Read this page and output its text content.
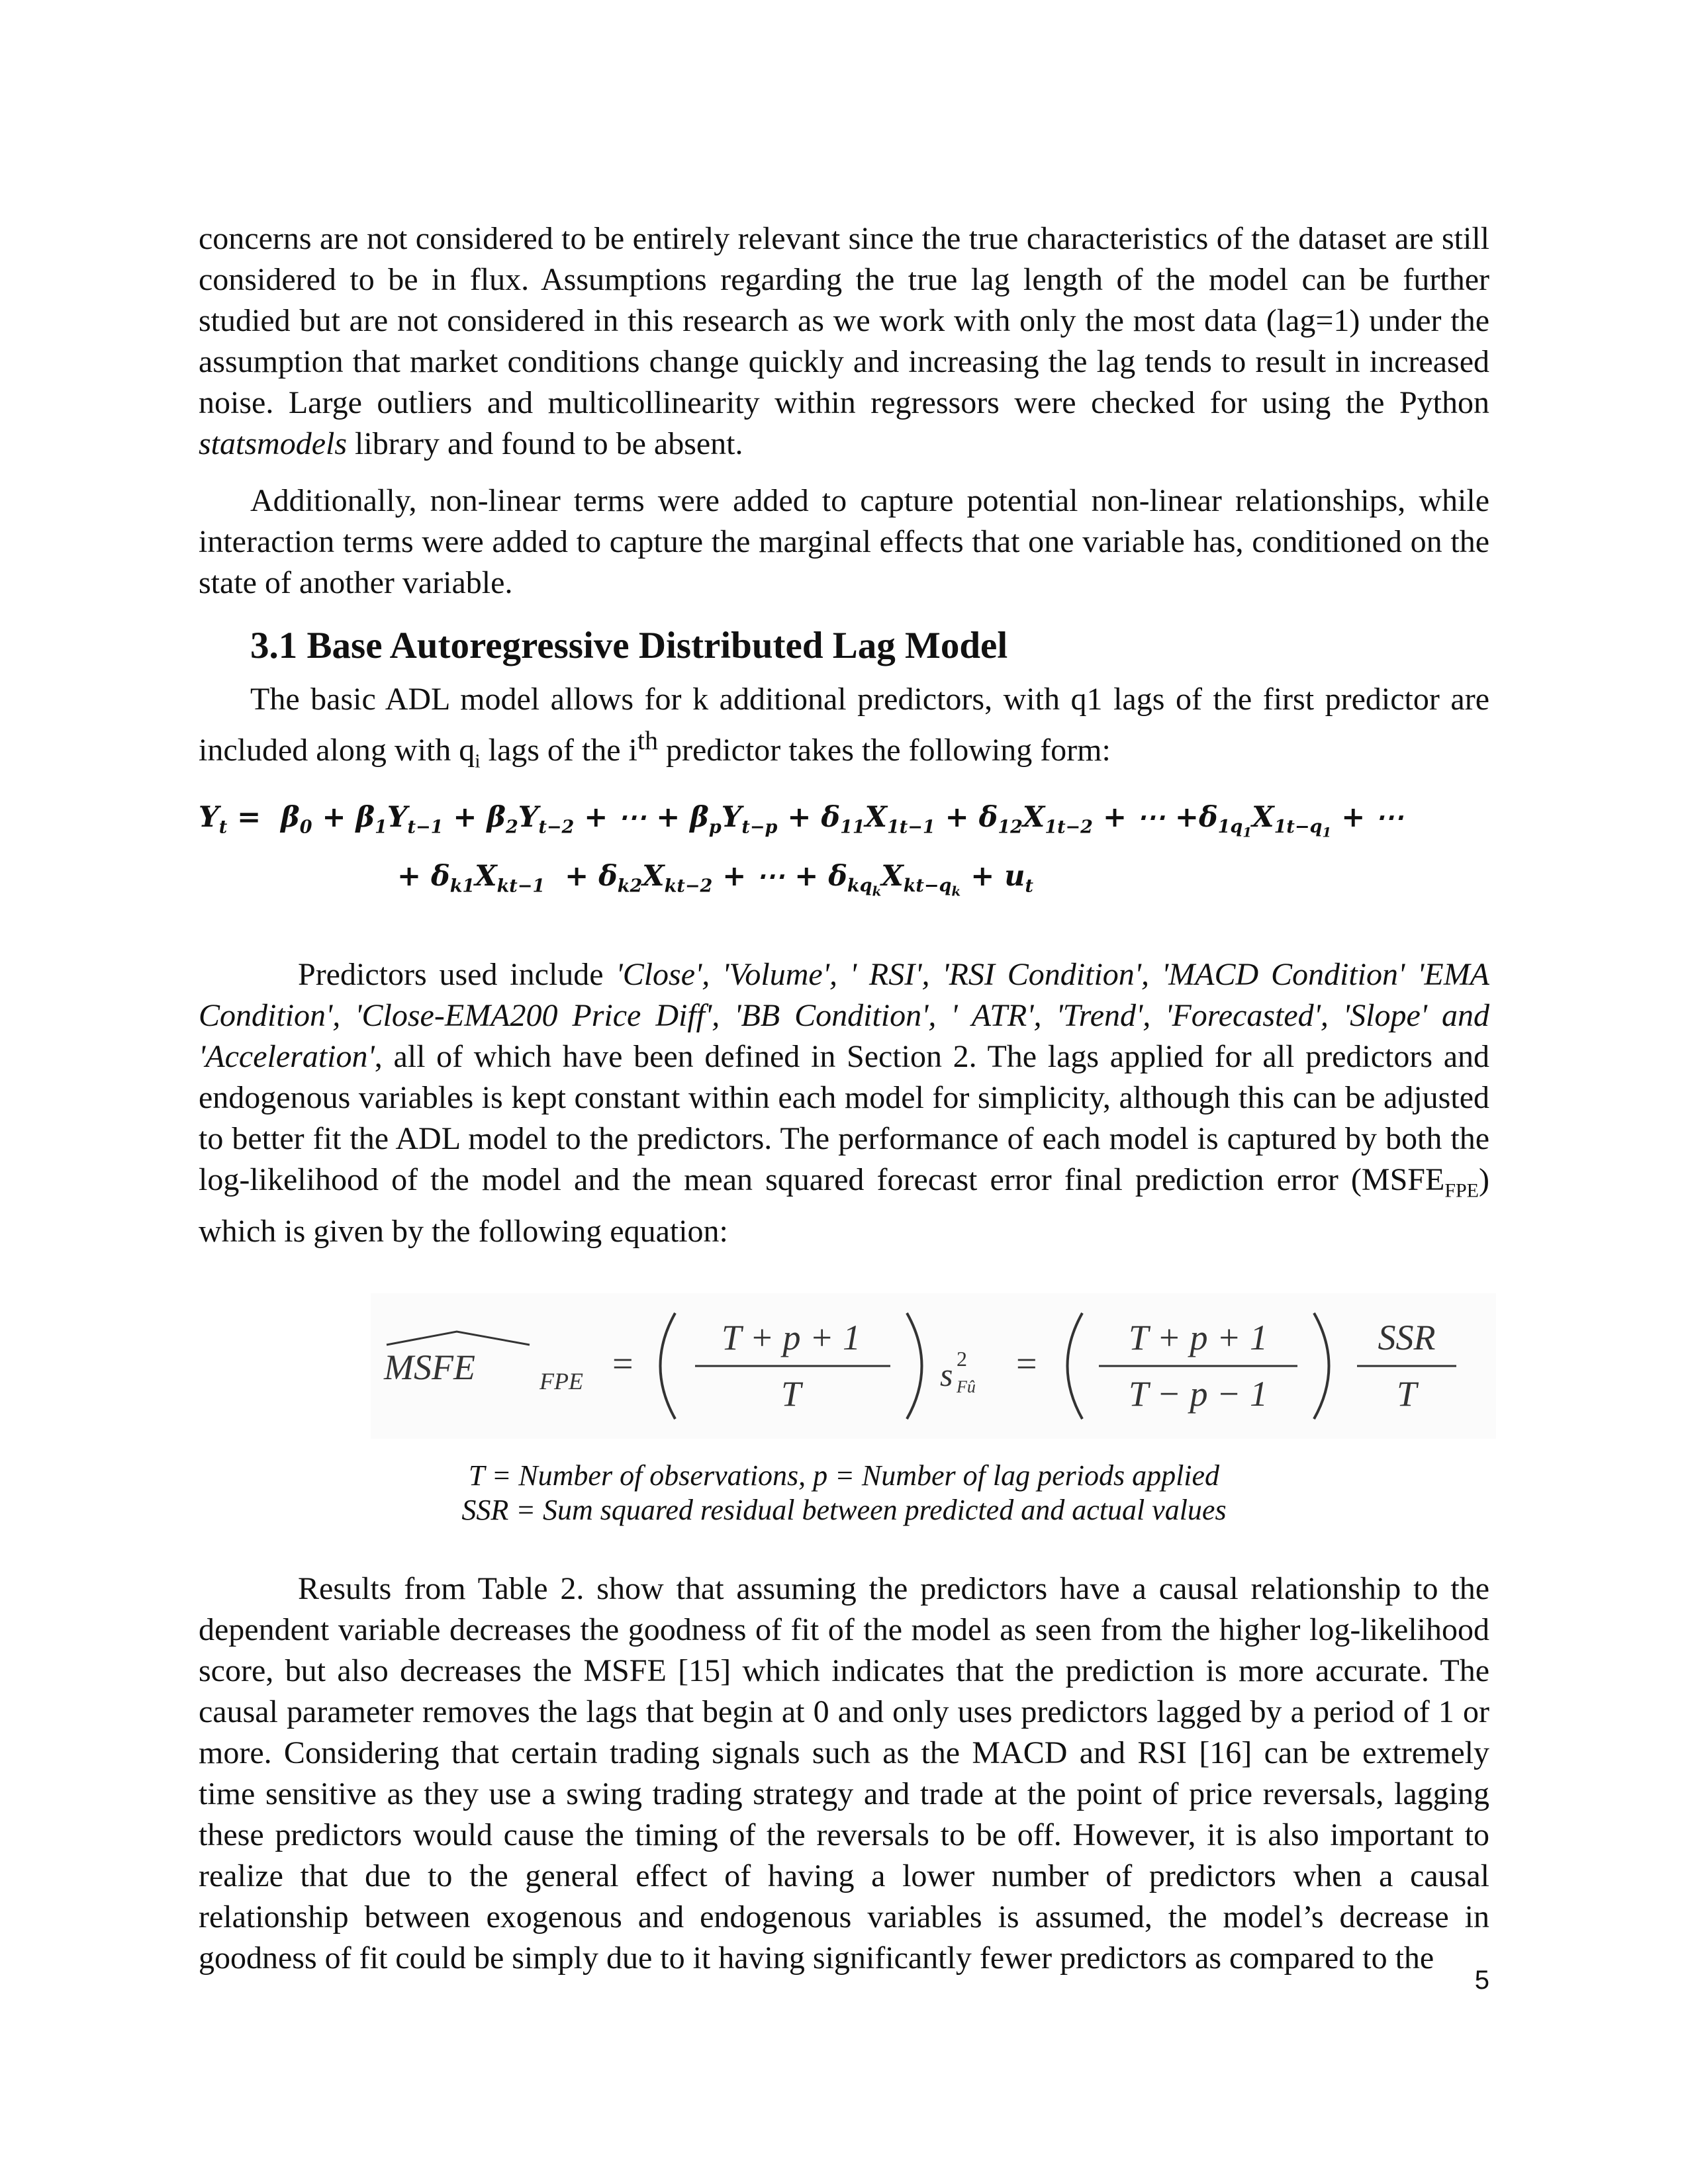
concerns are not considered to be entirely relevant since the true characteristics of the dataset are still considered to be in flux. Assumptions regarding the true lag length of the model can be further studied but are not considered in this research as we work with only the most data (lag=1) under the assumption that market conditions change quickly and increasing the lag tends to result in increased noise. Large outliers and multicollinearity within regressors were checked for using the Python statsmodels library and found to be absent.

Additionally, non-linear terms were added to capture potential non-linear relationships, while interaction terms were added to capture the marginal effects that one variable has, conditioned on the state of another variable.

3.1 Base Autoregressive Distributed Lag Model

The basic ADL model allows for k additional predictors, with q1 lags of the first predictor are included along with $q_i$ lags of the $i^{th}$ predictor takes the following form:

$Y_t = \beta_0 + \beta_1Y_{t-1} + \beta_2Y_{t-2}$ + ⋯ + $\beta_pY_{t-p} + \delta_{11}X_{1t-1} + \delta_{12}X_{1t-2}$ + ⋯ $+\delta_{1q_1}X_{1t-q_1}$ + ⋯
+ $\delta_{k1}X_{kt-1} + \delta_{k2}X_{kt-2}$ + ⋯ + $\delta_{kq_k}X_{kt-q_k} + u_t$

Predictors used include 'Close', 'Volume', ' RSI', 'RSI Condition', 'MACD Condition' 'EMA Condition', 'Close-EMA200 Price Diff', 'BB Condition', ' ATR', 'Trend', 'Forecasted', 'Slope' and 'Acceleration', all of which have been defined in Section 2. The lags applied for all predictors and endogenous variables is kept constant within each model for simplicity, although this can be adjusted to better fit the ADL model to the predictors. The performance of each model is captured by both the log-likelihood of the model and the mean squared forecast error final prediction error $(MSFE_{FPE})$ which is given by the following equation:

MSFE	FPE =
T + p + 1
T	s 2
Fû
=
T + p + 1
T − p − 1
SSR
T
T = Number of observations, p = Number of lag periods applied
SSR = Sum squared residual between predicted and actual values

Results from Table 2. show that assuming the predictors have a causal relationship to the dependent variable decreases the goodness of fit of the model as seen from the higher log-likelihood score, but also decreases the MSFE [15] which indicates that the prediction is more accurate. The causal parameter removes the lags that begin at 0 and only uses predictors lagged by a period of 1 or more. Considering that certain trading signals such as the MACD and RSI [16] can be extremely time sensitive as they use a swing trading strategy and trade at the point of price reversals, lagging these predictors would cause the timing of the reversals to be off. However, it is also important to realize that due to the general effect of having a lower number of predictors when a causal relationship between exogenous and endogenous variables is assumed, the model’s decrease in goodness of fit could be simply due to it having significantly fewer predictors as compared to the

5
